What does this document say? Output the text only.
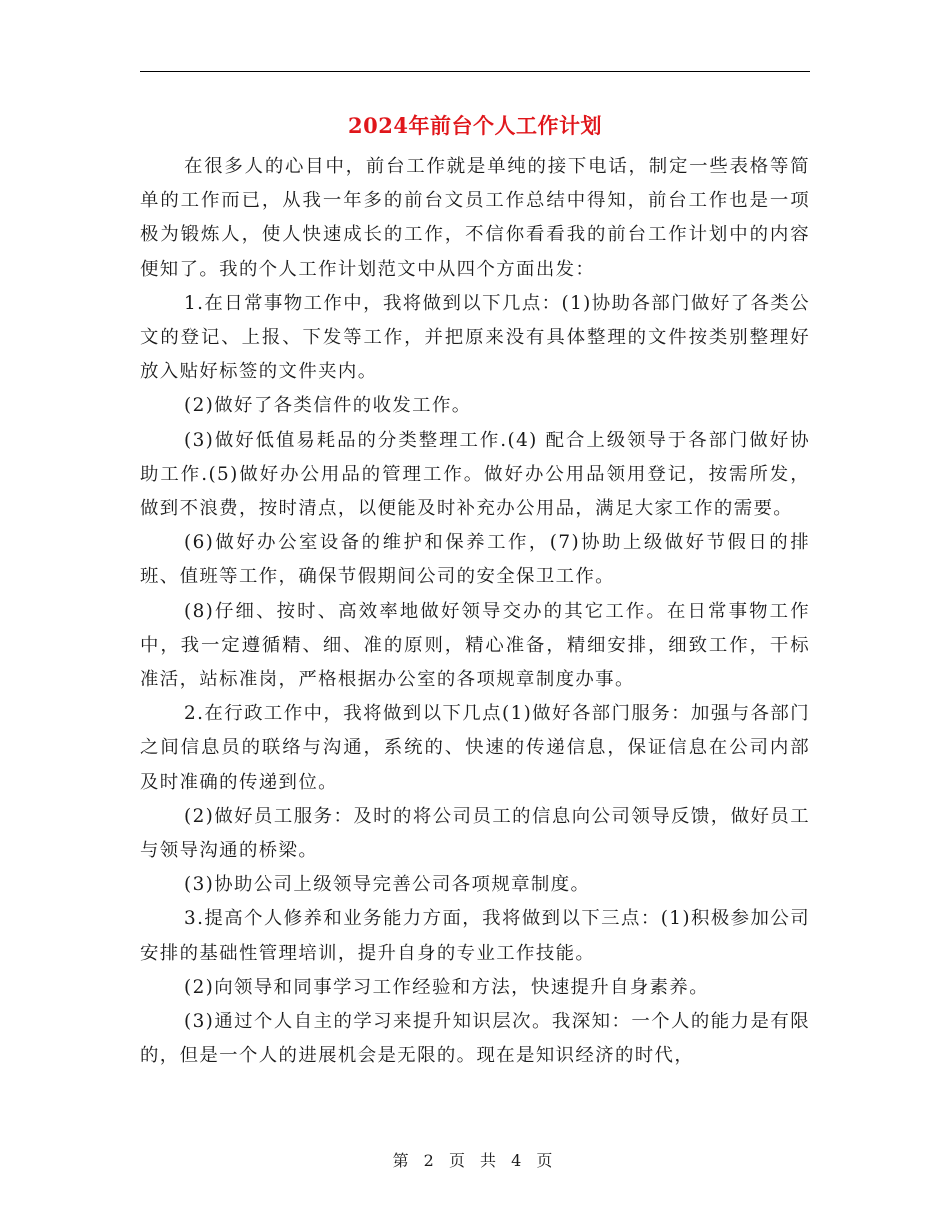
2024年前台个人工作计划

在很多人的心目中，前台工作就是单纯的接下电话，制定一些表格等简单的工作而已，从我一年多的前台文员工作总结中得知，前台工作也是一项极为锻炼人，使人快速成长的工作，不信你看看我的前台工作计划中的内容便知了。我的个人工作计划范文中从四个方面出发：

1.在日常事物工作中，我将做到以下几点：(1)协助各部门做好了各类公文的登记、上报、下发等工作，并把原来没有具体整理的文件按类别整理好放入贴好标签的文件夹内。

(2)做好了各类信件的收发工作。

(3)做好低值易耗品的分类整理工作.(4) 配合上级领导于各部门做好协助工作.(5)做好办公用品的管理工作。做好办公用品领用登记，按需所发，做到不浪费，按时清点，以便能及时补充办公用品，满足大家工作的需要。

(6)做好办公室设备的维护和保养工作，(7)协助上级做好节假日的排班、值班等工作，确保节假期间公司的安全保卫工作。

(8)仔细、按时、高效率地做好领导交办的其它工作。在日常事物工作中，我一定遵循精、细、准的原则，精心准备，精细安排，细致工作，干标准活，站标准岗，严格根据办公室的各项规章制度办事。

2.在行政工作中，我将做到以下几点(1)做好各部门服务：加强与各部门之间信息员的联络与沟通，系统的、快速的传递信息，保证信息在公司内部及时准确的传递到位。

(2)做好员工服务：及时的将公司员工的信息向公司领导反馈，做好员工与领导沟通的桥梁。

(3)协助公司上级领导完善公司各项规章制度。

3.提高个人修养和业务能力方面，我将做到以下三点：(1)积极参加公司安排的基础性管理培训，提升自身的专业工作技能。

(2)向领导和同事学习工作经验和方法，快速提升自身素养。

(3)通过个人自主的学习来提升知识层次。我深知：一个人的能力是有限的，但是一个人的进展机会是无限的。现在是知识经济的时代，

第 2 页 共 4 页
